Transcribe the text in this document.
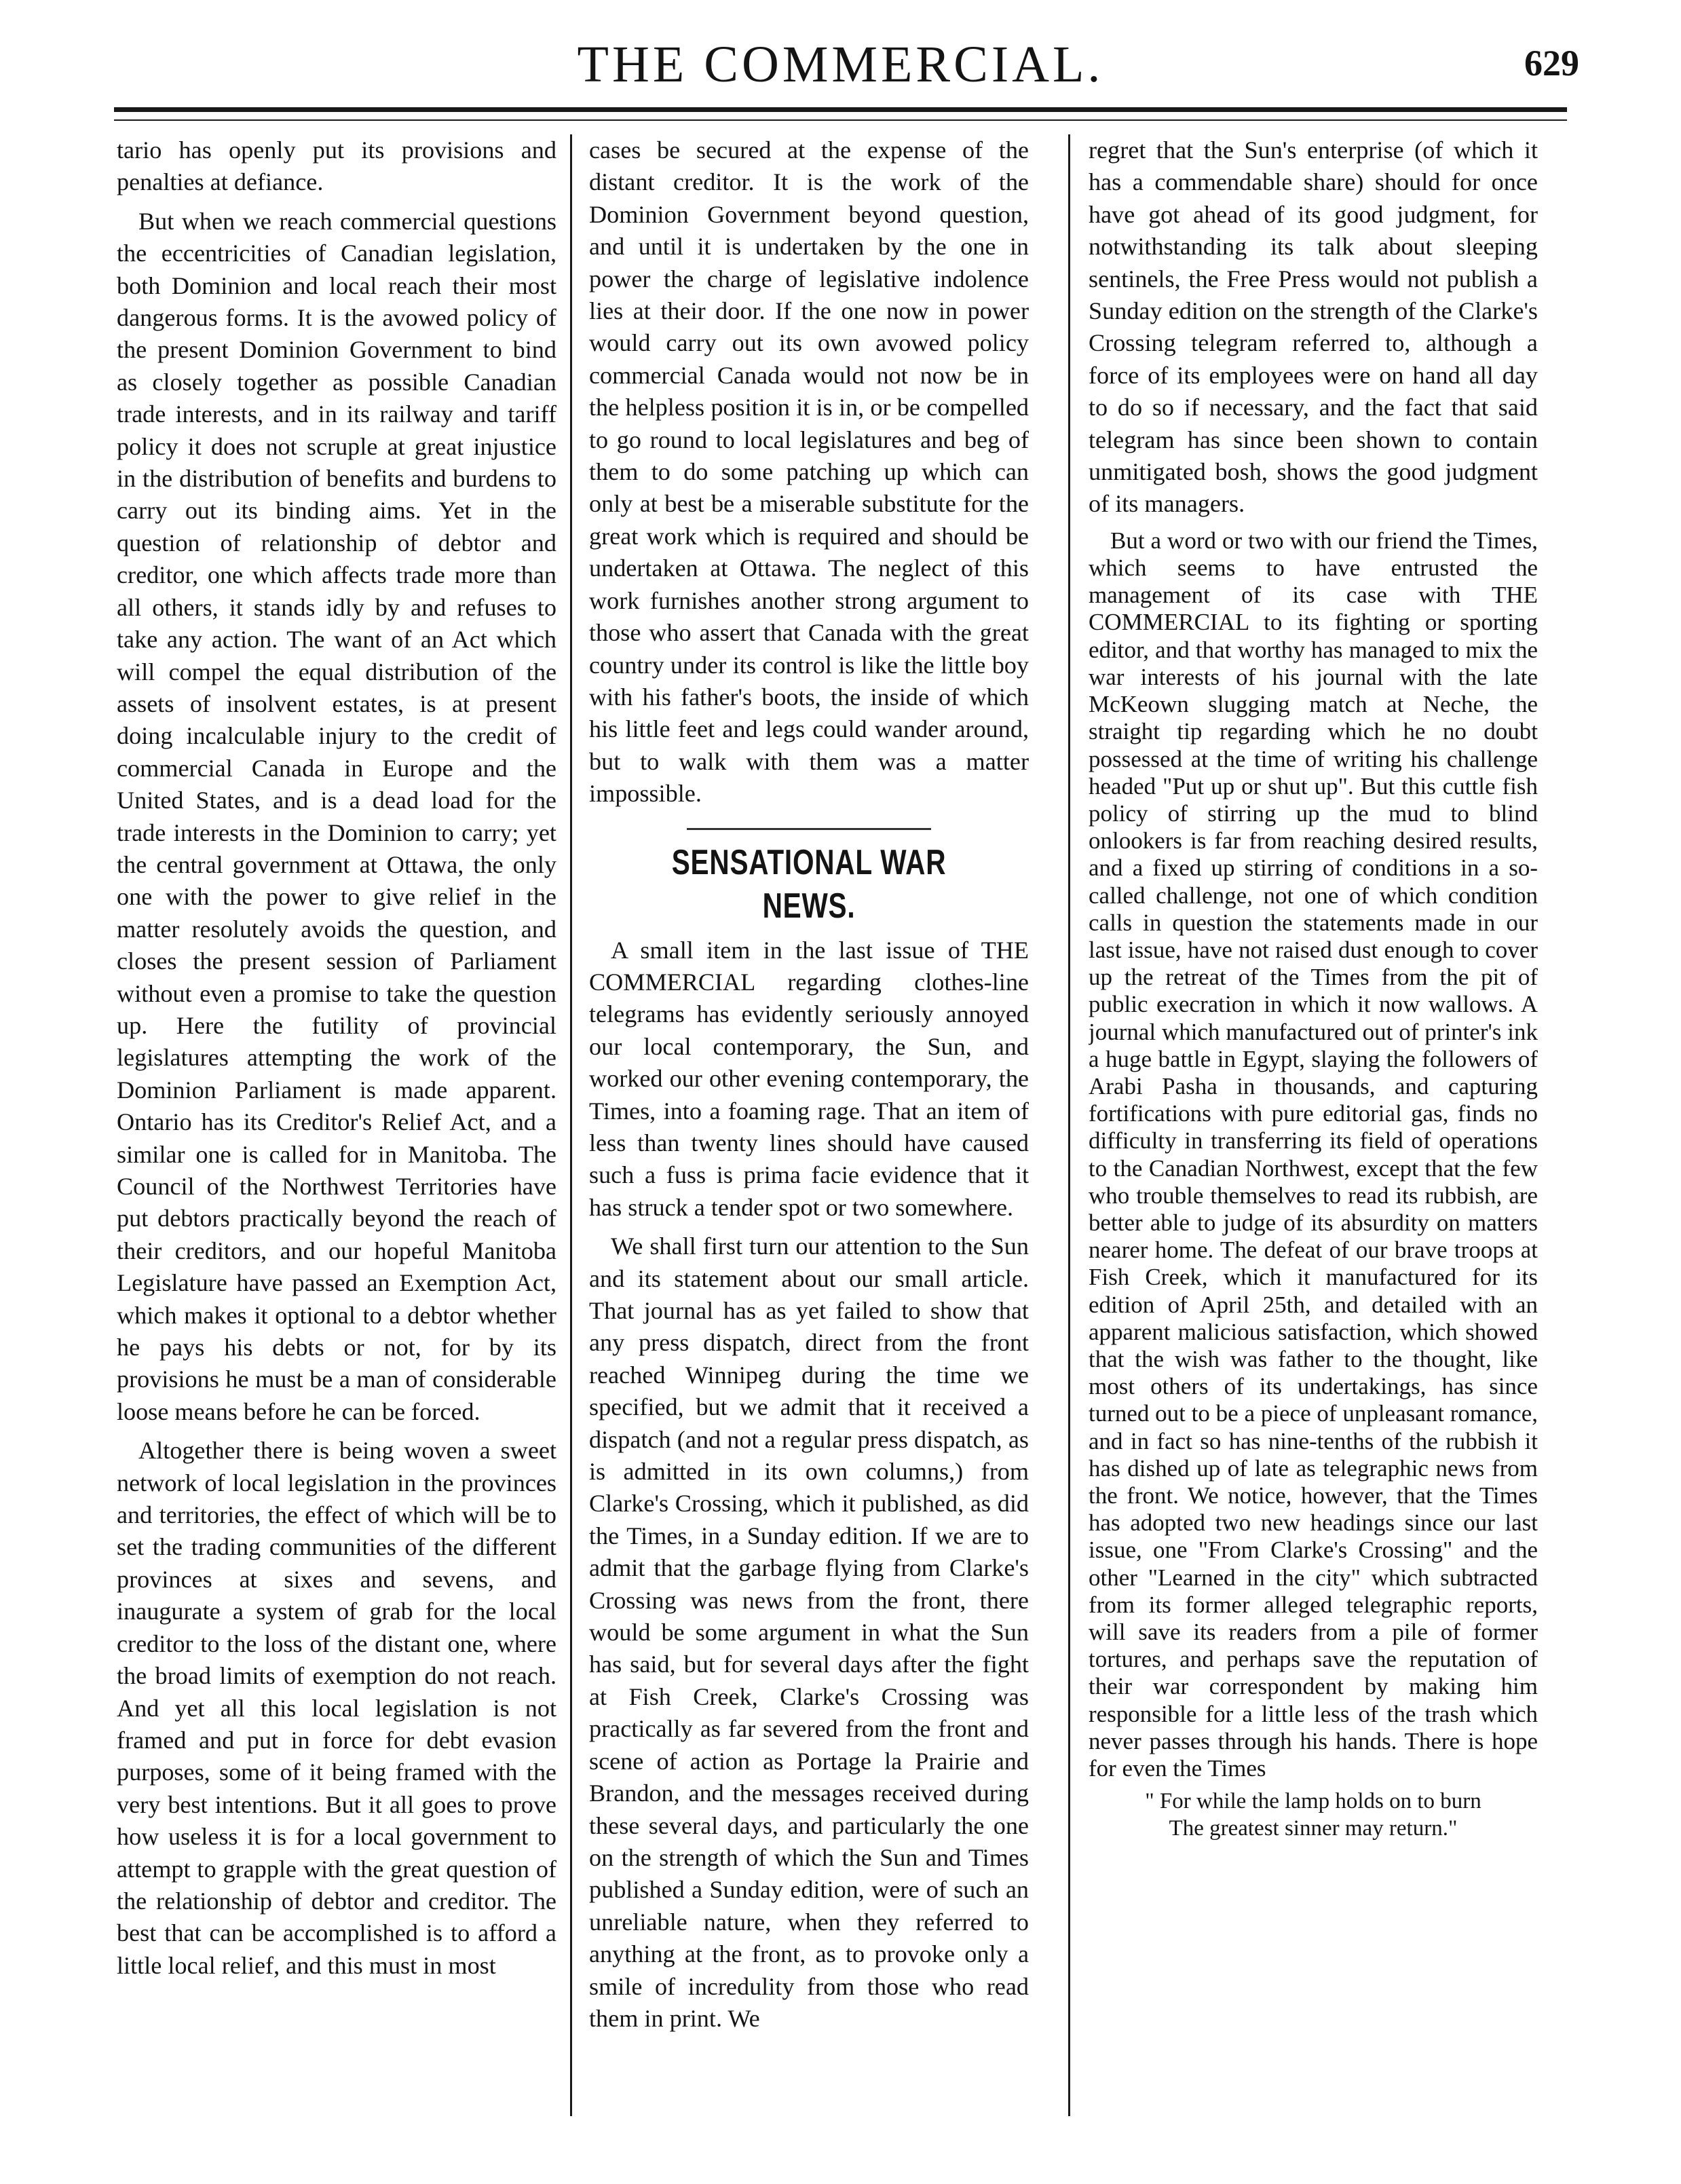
THE COMMERCIAL.	629

tario has openly put its provisions and penalties at defiance.

But when we reach commercial questions the eccentricities of Canadian legislation, both Dominion and local reach their most dangerous forms. It is the avowed policy of the present Dominion Government to bind as closely together as possible Canadian trade interests, and in its railway and tariff policy it does not scruple at great injustice in the distribution of benefits and burdens to carry out its binding aims. Yet in the question of relationship of debtor and creditor, one which affects trade more than all others, it stands idly by and refuses to take any action. The want of an Act which will compel the equal distribution of the assets of insolvent estates, is at present doing incalculable injury to the credit of commercial Canada in Europe and the United States, and is a dead load for the trade interests in the Dominion to carry; yet the central government at Ottawa, the only one with the power to give relief in the matter resolutely avoids the question, and closes the present session of Parliament without even a promise to take the question up. Here the futility of provincial legislatures attempting the work of the Dominion Parliament is made apparent. Ontario has its Creditor's Relief Act, and a similar one is called for in Manitoba. The Council of the Northwest Territories have put debtors practically beyond the reach of their creditors, and our hopeful Manitoba Legislature have passed an Exemption Act, which makes it optional to a debtor whether he pays his debts or not, for by its provisions he must be a man of considerable loose means before he can be forced.

Altogether there is being woven a sweet network of local legislation in the provinces and territories, the effect of which will be to set the trading communities of the different provinces at sixes and sevens, and inaugurate a system of grab for the local creditor to the loss of the distant one, where the broad limits of exemption do not reach. And yet all this local legislation is not framed and put in force for debt evasion purposes, some of it being framed with the very best intentions. But it all goes to prove how useless it is for a local government to attempt to grapple with the great question of the relationship of debtor and creditor. The best that can be accomplished is to afford a little local relief, and this must in most

cases be secured at the expense of the distant creditor. It is the work of the Dominion Government beyond question, and until it is undertaken by the one in power the charge of legislative indolence lies at their door. If the one now in power would carry out its own avowed policy commercial Canada would not now be in the helpless position it is in, or be compelled to go round to local legislatures and beg of them to do some patching up which can only at best be a miserable substitute for the great work which is required and should be undertaken at Ottawa. The neglect of this work furnishes another strong argument to those who assert that Canada with the great country under its control is like the little boy with his father's boots, the inside of which his little feet and legs could wander around, but to walk with them was a matter impossible.

SENSATIONAL WAR NEWS.

A small item in the last issue of THE COMMERCIAL regarding clothes-line telegrams has evidently seriously annoyed our local contemporary, the Sun, and worked our other evening contemporary, the Times, into a foaming rage. That an item of less than twenty lines should have caused such a fuss is prima facie evidence that it has struck a tender spot or two somewhere.

We shall first turn our attention to the Sun and its statement about our small article. That journal has as yet failed to show that any press dispatch, direct from the front reached Winnipeg during the time we specified, but we admit that it received a dispatch (and not a regular press dispatch, as is admitted in its own columns,) from Clarke's Crossing, which it published, as did the Times, in a Sunday edition. If we are to admit that the garbage flying from Clarke's Crossing was news from the front, there would be some argument in what the Sun has said, but for several days after the fight at Fish Creek, Clarke's Crossing was practically as far severed from the front and scene of action as Portage la Prairie and Brandon, and the messages received during these several days, and particularly the one on the strength of which the Sun and Times published a Sunday edition, were of such an unreliable nature, when they referred to anything at the front, as to provoke only a smile of incredulity from those who read them in print. We

regret that the Sun's enterprise (of which it has a commendable share) should for once have got ahead of its good judgment, for notwithstanding its talk about sleeping sentinels, the Free Press would not publish a Sunday edition on the strength of the Clarke's Crossing telegram referred to, although a force of its employees were on hand all day to do so if necessary, and the fact that said telegram has since been shown to contain unmitigated bosh, shows the good judgment of its managers.

But a word or two with our friend the Times, which seems to have entrusted the management of its case with THE COMMERCIAL to its fighting or sporting editor, and that worthy has managed to mix the war interests of his journal with the late McKeown slugging match at Neche, the straight tip regarding which he no doubt possessed at the time of writing his challenge headed "Put up or shut up". But this cuttle fish policy of stirring up the mud to blind onlookers is far from reaching desired results, and a fixed up stirring of conditions in a so-called challenge, not one of which condition calls in question the statements made in our last issue, have not raised dust enough to cover up the retreat of the Times from the pit of public execration in which it now wallows. A journal which manufactured out of printer's ink a huge battle in Egypt, slaying the followers of Arabi Pasha in thousands, and capturing fortifications with pure editorial gas, finds no difficulty in transferring its field of operations to the Canadian Northwest, except that the few who trouble themselves to read its rubbish, are better able to judge of its absurdity on matters nearer home. The defeat of our brave troops at Fish Creek, which it manufactured for its edition of April 25th, and detailed with an apparent malicious satisfaction, which showed that the wish was father to the thought, like most others of its undertakings, has since turned out to be a piece of unpleasant romance, and in fact so has nine-tenths of the rubbish it has dished up of late as telegraphic news from the front. We notice, however, that the Times has adopted two new headings since our last issue, one "From Clarke's Crossing" and the other "Learned in the city" which subtracted from its former alleged telegraphic reports, will save its readers from a pile of former tortures, and perhaps save the reputation of their war correspondent by making him responsible for a little less of the trash which never passes through his hands. There is hope for even the Times

" For while the lamp holds on to burn
The greatest sinner may return."
